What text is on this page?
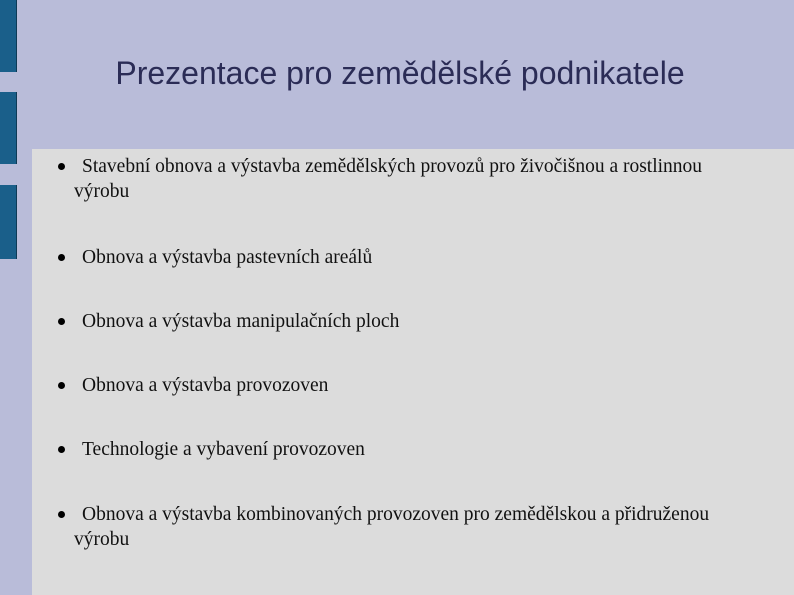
Prezentace pro zemědělské podnikatele
Stavební obnova a výstavba zemědělských provozů pro živočišnou a rostlinnou výrobu
Obnova a výstavba pastevních areálů
Obnova a výstavba manipulačních ploch
Obnova a výstavba provozoven
Technologie a vybavení provozoven
Obnova a výstavba kombinovaných provozoven pro zemědělskou a přidruženou výrobu
